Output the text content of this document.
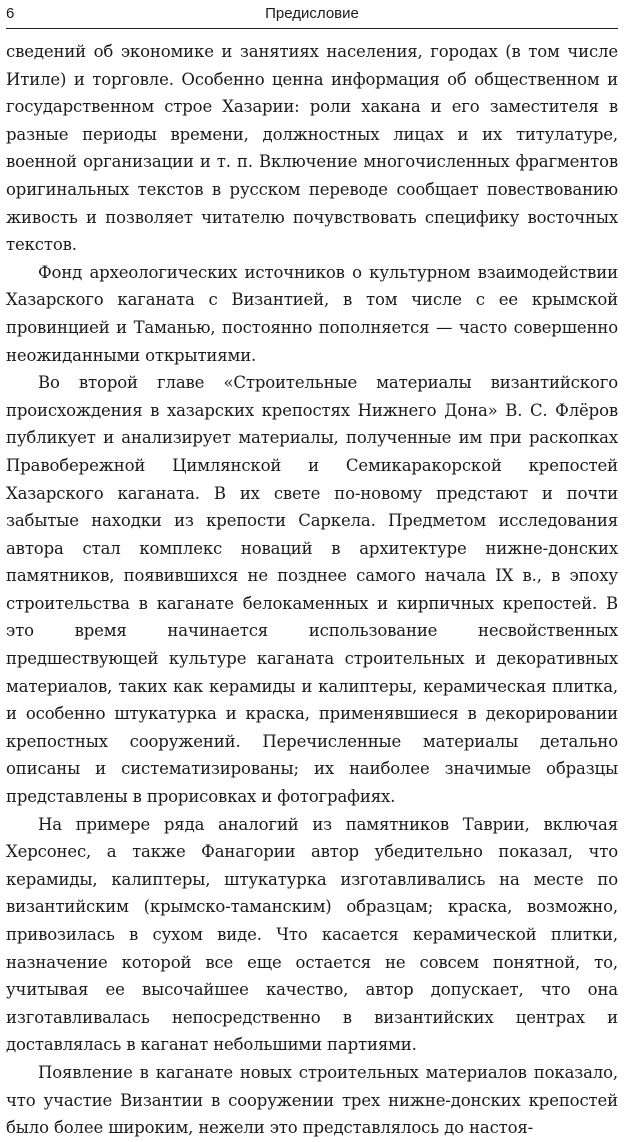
6	Предисловие

сведений об экономике и занятиях населения, городах (в том числе Итиле) и торговле. Особенно ценна информация об общественном и государственном строе Хазарии: роли хакана и его заместителя в разные периоды времени, должностных лицах и их титулатуре, военной организации и т. п. Включение многочисленных фрагментов оригинальных текстов в русском переводе сообщает повествованию живость и позволяет читателю почувствовать специфику восточных текстов.

Фонд археологических источников о культурном взаимодействии Хазарского каганата с Византией, в том числе с ее крымской провинцией и Таманью, постоянно пополняется — часто совершенно неожиданными открытиями.

Во второй главе «Строительные материалы византийского происхождения в хазарских крепостях Нижнего Дона» В. С. Флёров публикует и анализирует материалы, полученные им при раскопках Правобережной Цимлянской и Семикаракорской крепостей Хазарского каганата. В их свете по-новому предстают и почти забытые находки из крепости Саркела. Предметом исследования автора стал комплекс новаций в архитектуре нижне-донских памятников, появившихся не позднее самого начала IX в., в эпоху строительства в каганате белокаменных и кирпичных крепостей. В это время начинается использование несвойственных предшествующей культуре каганата строительных и декоративных материалов, таких как керамиды и калиптеры, керамическая плитка, и особенно штукатурка и краска, применявшиеся в декорировании крепостных сооружений. Перечисленные материалы детально описаны и систематизированы; их наиболее значимые образцы представлены в прорисовках и фотографиях.

На примере ряда аналогий из памятников Таврии, включая Херсонес, а также Фанагории автор убедительно показал, что керамиды, калиптеры, штукатурка изготавливались на месте по византийским (крымско-таманским) образцам; краска, возможно, привозилась в сухом виде. Что касается керамической плитки, назначение которой все еще остается не совсем понятной, то, учитывая ее высочайшее качество, автор допускает, что она изготавливалась непосредственно в византийских центрах и доставлялась в каганат небольшими партиями.

Появление в каганате новых строительных материалов показало, что участие Византии в сооружении трех нижне-донских крепостей было более широким, нежели это представлялось до настоя-
